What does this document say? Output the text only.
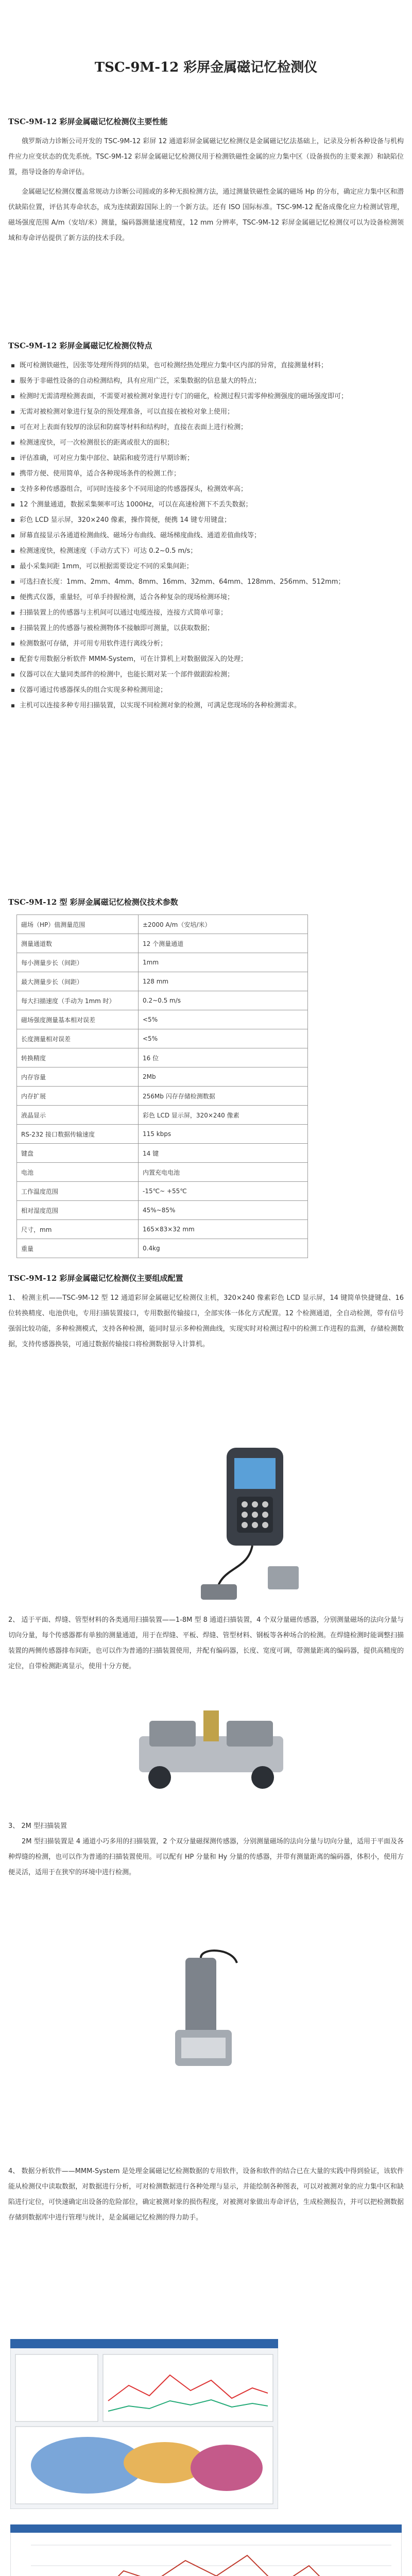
TSC-9M-12 彩屏金属磁记忆检测仪
TSC-9M-12 彩屏金属磁记忆检测仪主要性能

俄罗斯动力诊断公司开发的 TSC-9M-12 彩屏 12 通道彩屏金属磁记忆检测仪是金属磁记忆法基础上，记录及分析各种设备与机构件应力应变状态的优先系统。TSC-9M-12 彩屏金属磁记忆检测仪用于检测铁磁性金属的应力集中区（设备损伤的主要来源）和缺陷位置，指导设备的寿命评估。

金属磁记忆检测仪覆盖常规动力诊断公司圆或的多种无损检测方法，通过测量铁磁性金属的磁场 Hp 的分布，确定应力集中区和潜伏缺陷位置，评估其寿命状态，成为连续跟踪国际上的一个新方法。还有 ISO 国际标准。TSC-9M-12 配备成像化应力检测试管理，磁场强度范围 A/m（安培/米）测量，编码器测量速度精度，12 mm 分辨率，TSC-9M-12 彩屏金属磁记忆检测仪可以为设备检测领域和寿命评估提供了新方法的技术手段。

TSC-9M-12 彩屏金属磁记忆检测仪特点
既可检测铁磁性，因张等处理所得到的结果，也可检测经热处理应力集中区内部的异常，直接测量材料；
服务于非磁性设备的自动检测结构，具有应用广泛，采集数据的信息量大的特点；
检测时无需清理检测表面，不需要对被检测对象进行专门的磁化，检测过程只需零伸检测强度的磁场强度即可；
无需对被检测对象进行复杂的预处理准备，可以直接在被检对象上使用；
可在对上表面有较厚的涂层和防腐等材料和结构时，直接在表面上进行检测；
检测速度快，可一次检测很长的距离或很大的面积；
评估准确，可对应力集中部位、缺陷和疲劳进行早期诊断；
携带方便、使用简单，适合各种现场条件的检测工作；
支持多种传感器组合，可同时连接多个不同用途的传感器探头，检测效率高；
12 个测量通道，数据采集频率可达 1000Hz，可以在高速检测下不丢失数据；
彩色 LCD 显示屏，320×240 像素，操作简便，便携 14 键专用键盘；
屏幕直接显示各通道检测曲线、磁场分布曲线、磁场梯度曲线、通道差值曲线等；
检测速度快，检测速度（手动方式下）可达 0.2~0.5 m/s；
最小采集间距 1mm，可以根据需要设定不同的采集间距；
可选扫查长度：1mm、2mm、4mm、8mm、16mm、32mm、64mm、128mm、256mm、512mm；
便携式仪器，重量轻，可单手持握检测，适合各种复杂的现场检测环境；
扫描装置上的传感器与主机间可以通过电缆连接，连接方式简单可靠；
扫描装置上的传感器与被检测物体不接触即可测量，以获取数据；
检测数据可存储，并可用专用软件进行离线分析；
配套专用数据分析软件 MMM-System，可在计算机上对数据做深入的处理；
仪器可以在大量同类部件的检测中，也能长期对某一个部件做跟踪检测；
仪器可通过传感器探头的组合实现多种检测用途；
主机可以连接多种专用扫描装置，以实现不同检测对象的检测，可满足您现场的各种检测需求。
TSC-9M-12 型 彩屏金属磁记忆检测仪技术参数
磁场（HP）值测量范围	±2000 A/m（安培/米）
测量通道数	12 个测量通道
每小测量步长（间距）	1mm
最大测量步长（间距）	128 mm
每大扫描速度（手动为 1mm 时）	0.2~0.5 m/s
磁场强度测量基本相对误差	<5%
长度测量相对误差	<5%
转换精度	16 位
内存容量	2Mb
内存扩展	256Mb 闪存存储检测数据
液晶显示	彩色 LCD 显示屏，320×240 像素
RS-232 接口数据传输速度	115 kbps
键盘	14 键
电池	内置充电电池
工作温度范围	-15℃~ +55℃
相对湿度范围	45%~85%
尺寸，mm	165×83×32 mm
重量	0.4kg
TSC-9M-12 彩屏金属磁记忆检测仪主要组成配置

1、 检测主机——TSC-9M-12 型 12 通道彩屏金属磁记忆检测仪主机，320×240 像素彩色 LCD 显示屏，14 键简单快捷键盘、16 位转换精度、电池供电，专用扫描装置接口，专用数据传输接口，全部实体一体化方式配置。12 个检测通道，全自动检测，带有信号强弱比较功能，多种检测模式，支持各种检测，能同时显示多种检测曲线，实现实时对检测过程中的检测工作进程的监测，存储检测数据，支持传感器换装，可通过数据传输接口将检测数据导入计算机。

2、 适于平面、焊缝、管型材料的各类通用扫描装置——1-8M 型 8 通道扫描装置，4 个双分量磁传感器，分别测量磁场的法向分量与切向分量，每个传感器都有单独的测量通道，用于在焊缝、平板、焊缝、管型材料、钢板等各种场合的检测。在焊缝检测时能调整扫描装置的两侧传感器排布间距，也可以作为普通的扫描装置使用，并配有编码器，长度、宽度可调，带测量距离的编码器，提供高精度的定位，自带检测距离显示，使用十分方便。

3、 2M 型扫描装置

2M 型扫描装置是 4 通道小巧多用的扫描装置，2 个双分量磁探测传感器，分别测量磁场的法向分量与切向分量，适用于平面及各种焊缝的检测，也可以作为普通的扫描装置使用。可以配有 HP 分量和 Hy 分量的传感器，并带有测量距离的编码器，体积小，使用方便灵活，适用于在狭窄的环境中进行检测。

4、 数据分析软件——MMM-System 是处理金属磁记忆检测数据的专用软件，设备和软件的结合已在大量的实践中得到验证，该软件能从检测仪中读取数据，对数据进行分析，可对检测数据进行各种处理与显示，并能绘制各种图表，可以对被测对象的应力集中区和缺陷进行定位，可快速确定出设备的危险部位，确定被测对象的损伤程度，对被测对象做出寿命评估，生成检测报告，并可以把检测数据存储到数据库中进行管理与统计，是金属磁记忆检测的得力助手。
